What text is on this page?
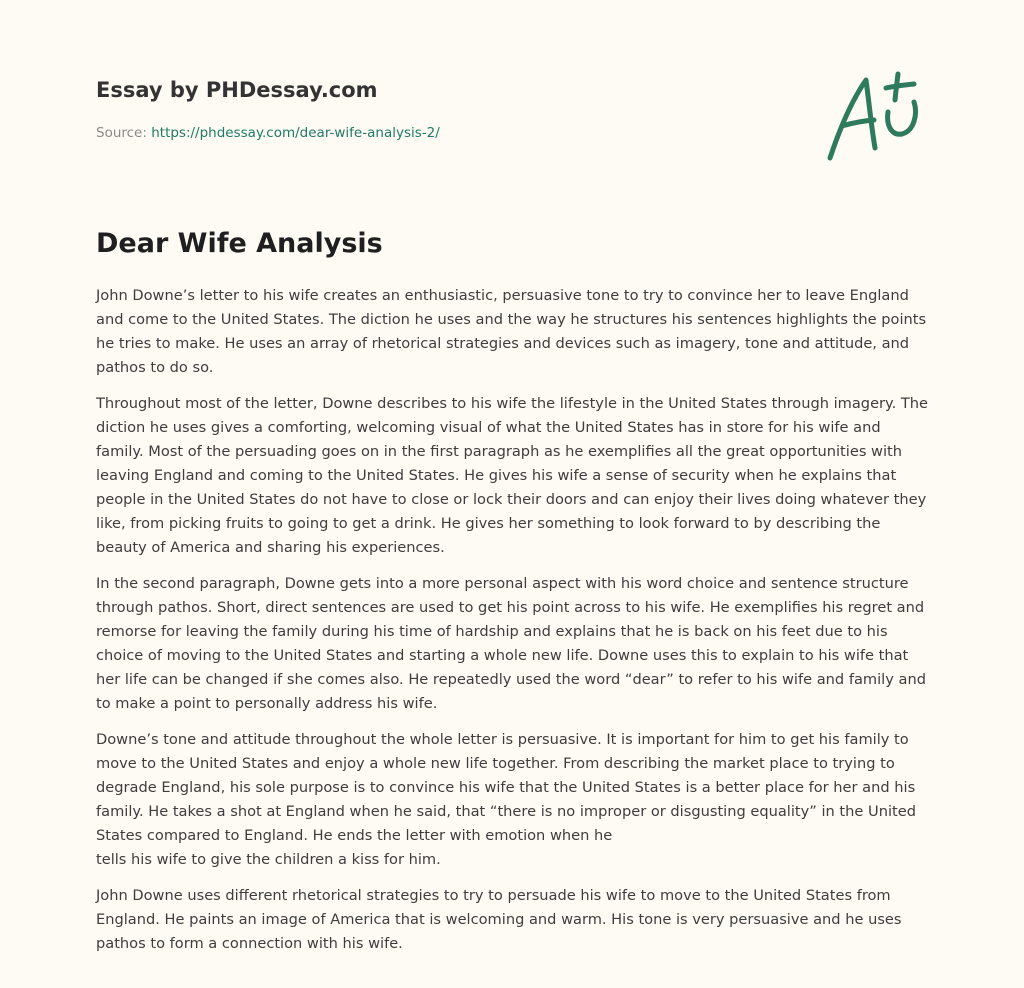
Essay by PHDessay.com
Source: https://phdessay.com/dear-wife-analysis-2/
Dear Wife Analysis

John Downe’s letter to his wife creates an enthusiastic, persuasive tone to try to convince her to leave England and come to the United States. The diction he uses and the way he structures his sentences highlights the points he tries to make. He uses an array of rhetorical strategies and devices such as imagery, tone and attitude, and pathos to do so.

Throughout most of the letter, Downe describes to his wife the lifestyle in the United States through imagery. The diction he uses gives a comforting, welcoming visual of what the United States has in store for his wife and family. Most of the persuading goes on in the first paragraph as he exemplifies all the great opportunities with leaving England and coming to the United States. He gives his wife a sense of security when he explains that people in the United States do not have to close or lock their doors and can enjoy their lives doing whatever they like, from picking fruits to going to get a drink. He gives her something to look forward to by describing the beauty of America and sharing his experiences.

In the second paragraph, Downe gets into a more personal aspect with his word choice and sentence structure through pathos. Short, direct sentences are used to get his point across to his wife. He exemplifies his regret and remorse for leaving the family during his time of hardship and explains that he is back on his feet due to his choice of moving to the United States and starting a whole new life. Downe uses this to explain to his wife that her life can be changed if she comes also. He repeatedly used the word “dear” to refer to his wife and family and to make a point to personally address his wife.

Downe’s tone and attitude throughout the whole letter is persuasive. It is important for him to get his family to move to the United States and enjoy a whole new life together. From describing the market place to trying to degrade England, his sole purpose is to convince his wife that the United States is a better place for her and his family. He takes a shot at England when he said, that “there is no improper or disgusting equality” in the United States compared to England. He ends the letter with emotion when he

tells his wife to give the children a kiss for him.

John Downe uses different rhetorical strategies to try to persuade his wife to move to the United States from England. He paints an image of America that is welcoming and warm. His tone is very persuasive and he uses pathos to form a connection with his wife.
